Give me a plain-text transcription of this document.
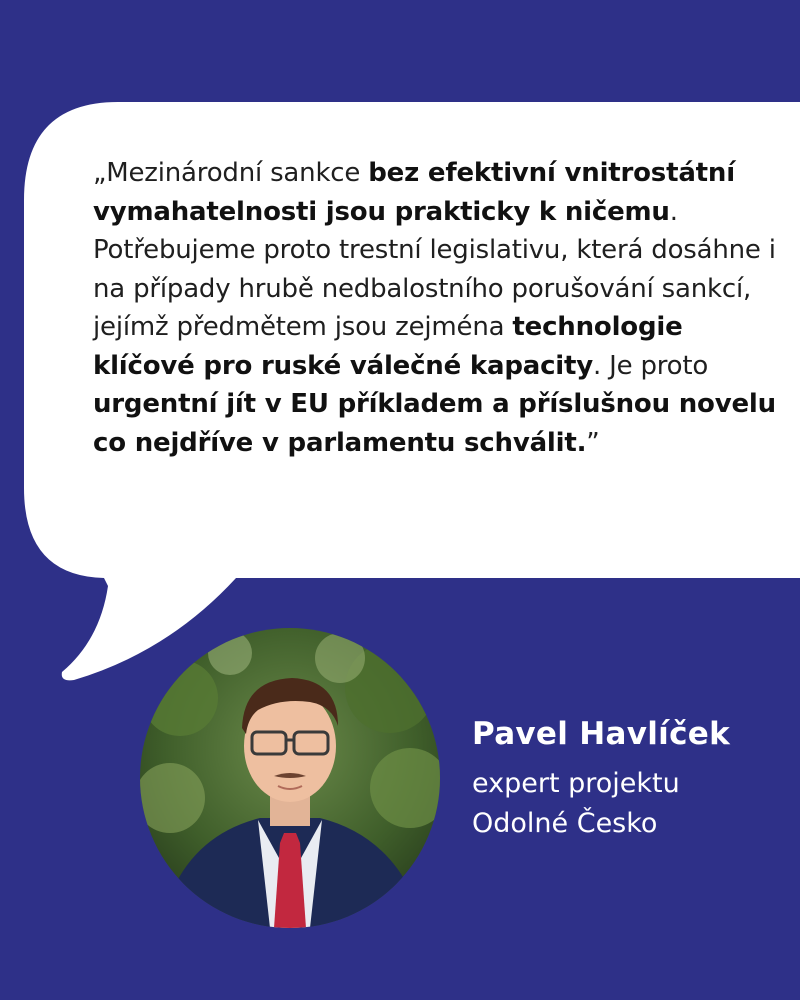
„Mezinárodní sankce bez efektivní vnitrostátní vymahatelnosti jsou prakticky k ničemu. Potřebujeme proto trestní legislativu, která dosáhne i na případy hrubě nedbalostního porušování sankcí, jejímž předmětem jsou zejména technologie klíčové pro ruské válečné kapacity. Je proto urgentní jít v EU příkladem a příslušnou novelu co nejdříve v parlamentu schválit.”
Pavel Havlíček
expert projektu
Odolné Česko
